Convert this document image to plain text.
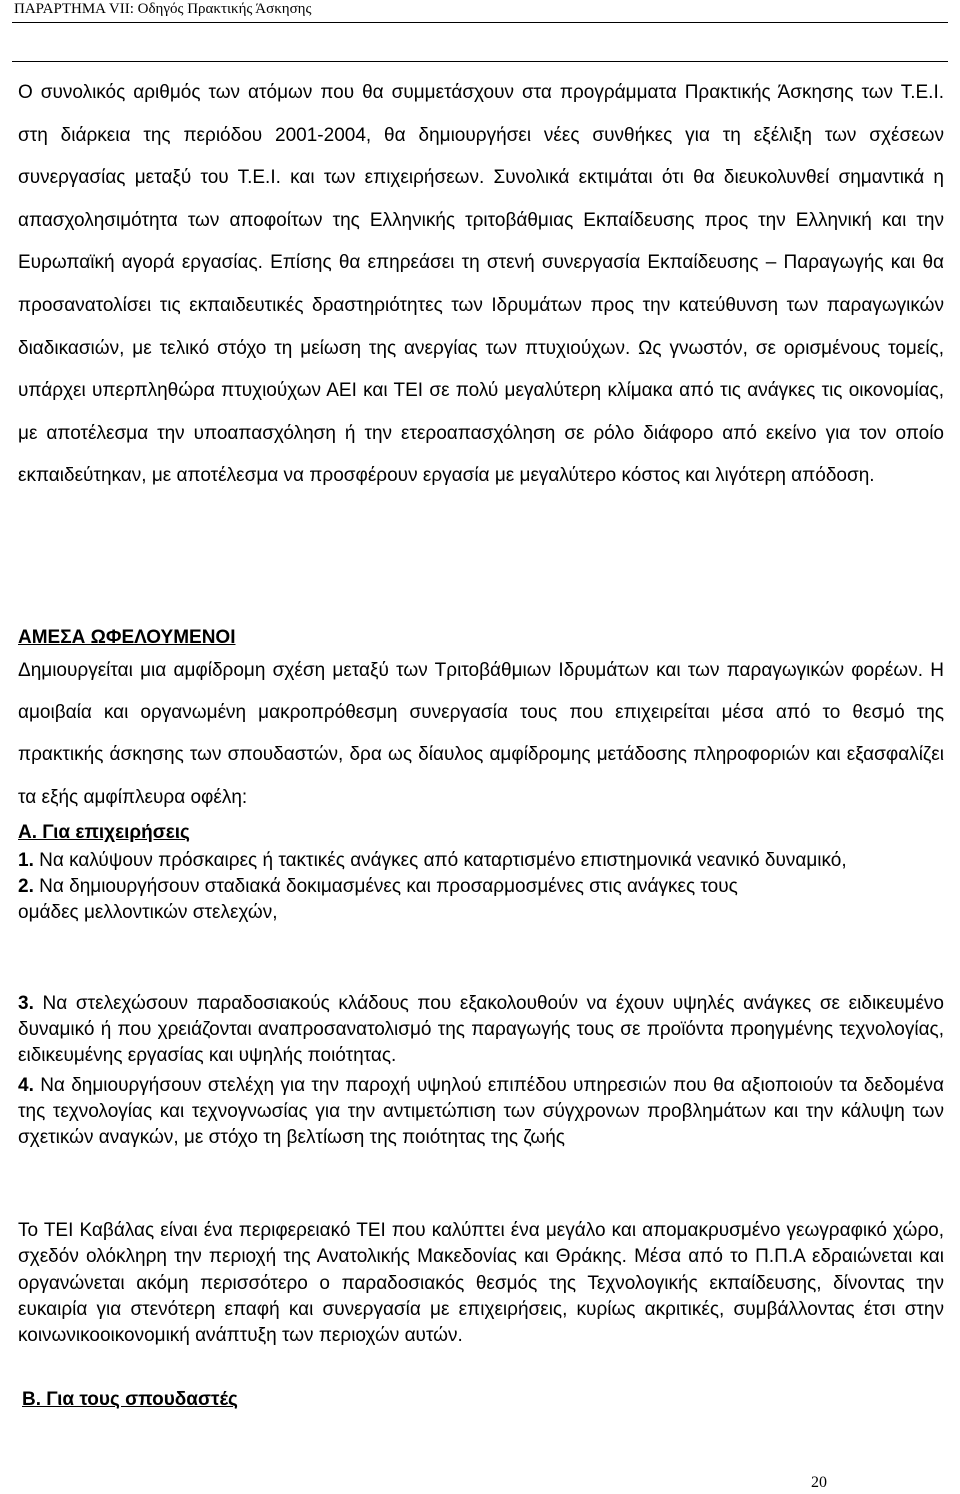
ΠΑΡΑΡΤΗΜΑ VII: Οδηγός Πρακτικής Άσκησης
Ο συνολικός αριθμός των ατόμων που θα συμμετάσχουν στα προγράμματα Πρακτικής Άσκησης των Τ.Ε.Ι. στη διάρκεια της περιόδου 2001-2004, θα δημιουργήσει νέες συνθήκες για τη εξέλιξη των σχέσεων συνεργασίας μεταξύ του Τ.Ε.Ι. και των επιχειρήσεων. Συνολικά εκτιμάται ότι θα διευκολυνθεί σημαντικά η απασχολησιμότητα των αποφοίτων της Ελληνικής τριτοβάθμιας Εκπαίδευσης προς την Ελληνική και την Ευρωπαϊκή αγορά εργασίας. Επίσης θα επηρεάσει τη στενή συνεργασία Εκπαίδευσης – Παραγωγής και θα προσανατολίσει τις εκπαιδευτικές δραστηριότητες των Ιδρυμάτων προς την κατεύθυνση των παραγωγικών διαδικασιών, με τελικό στόχο τη μείωση της ανεργίας των πτυχιούχων. Ως γνωστόν, σε ορισμένους τομείς, υπάρχει υπερπληθώρα πτυχιούχων ΑΕΙ και ΤΕΙ σε πολύ μεγαλύτερη κλίμακα από τις ανάγκες τις οικονομίας, με αποτέλεσμα την υποαπασχόληση ή την ετεροαπασχόληση σε ρόλο διάφορο από εκείνο για τον οποίο εκπαιδεύτηκαν, με αποτέλεσμα να προσφέρουν εργασία με μεγαλύτερο κόστος και λιγότερη απόδοση.
ΑΜΕΣΑ ΩΦΕΛΟΥΜΕΝΟΙ
Δημιουργείται μια αμφίδρομη σχέση μεταξύ των Τριτοβάθμιων Ιδρυμάτων και των παραγωγικών φορέων. Η αμοιβαία και οργανωμένη μακροπρόθεσμη συνεργασία τους που επιχειρείται μέσα από το θεσμό της πρακτικής άσκησης των σπουδαστών, δρα ως δίαυλος αμφίδρομης μετάδοσης πληροφοριών και εξασφαλίζει τα εξής αμφίπλευρα οφέλη:
Α. Για επιχειρήσεις

1. Να καλύψουν πρόσκαιρες ή τακτικές ανάγκες από καταρτισμένο επιστημονικά νεανικό δυναμικό,

2. Να δημιουργήσουν σταδιακά δοκιμασμένες και προσαρμοσμένες στις ανάγκες τους

ομάδες μελλοντικών στελεχών,

3. Να στελεχώσουν παραδοσιακούς κλάδους που εξακολουθούν να έχουν υψηλές ανάγκες σε ειδικευμένο δυναμικό ή που χρειάζονται αναπροσανατολισμό της παραγωγής τους σε προϊόντα προηγμένης τεχνολογίας, ειδικευμένης εργασίας και υψηλής ποιότητας.

4. Να δημιουργήσουν στελέχη για την παροχή υψηλού επιπέδου υπηρεσιών που θα αξιοποιούν τα δεδομένα της τεχνολογίας και τεχνογνωσίας για την αντιμετώπιση των σύγχρονων προβλημάτων και την κάλυψη των σχετικών αναγκών, με στόχο τη βελτίωση της ποιότητας της ζωής

Το ΤΕΙ Καβάλας είναι ένα περιφερειακό ΤΕΙ που καλύπτει ένα μεγάλο και απομακρυσμένο γεωγραφικό χώρο, σχεδόν ολόκληρη την περιοχή της Ανατολικής Μακεδονίας και Θράκης. Μέσα από το Π.Π.Α εδραιώνεται και οργανώνεται ακόμη περισσότερο ο παραδοσιακός θεσμός της Τεχνολογικής εκπαίδευσης, δίνοντας την ευκαιρία για στενότερη επαφή και συνεργασία με επιχειρήσεις, κυρίως ακριτικές, συμβάλλοντας έτσι στην κοινωνικοοικονομική ανάπτυξη των περιοχών αυτών.
Β. Για τους σπουδαστές
20
